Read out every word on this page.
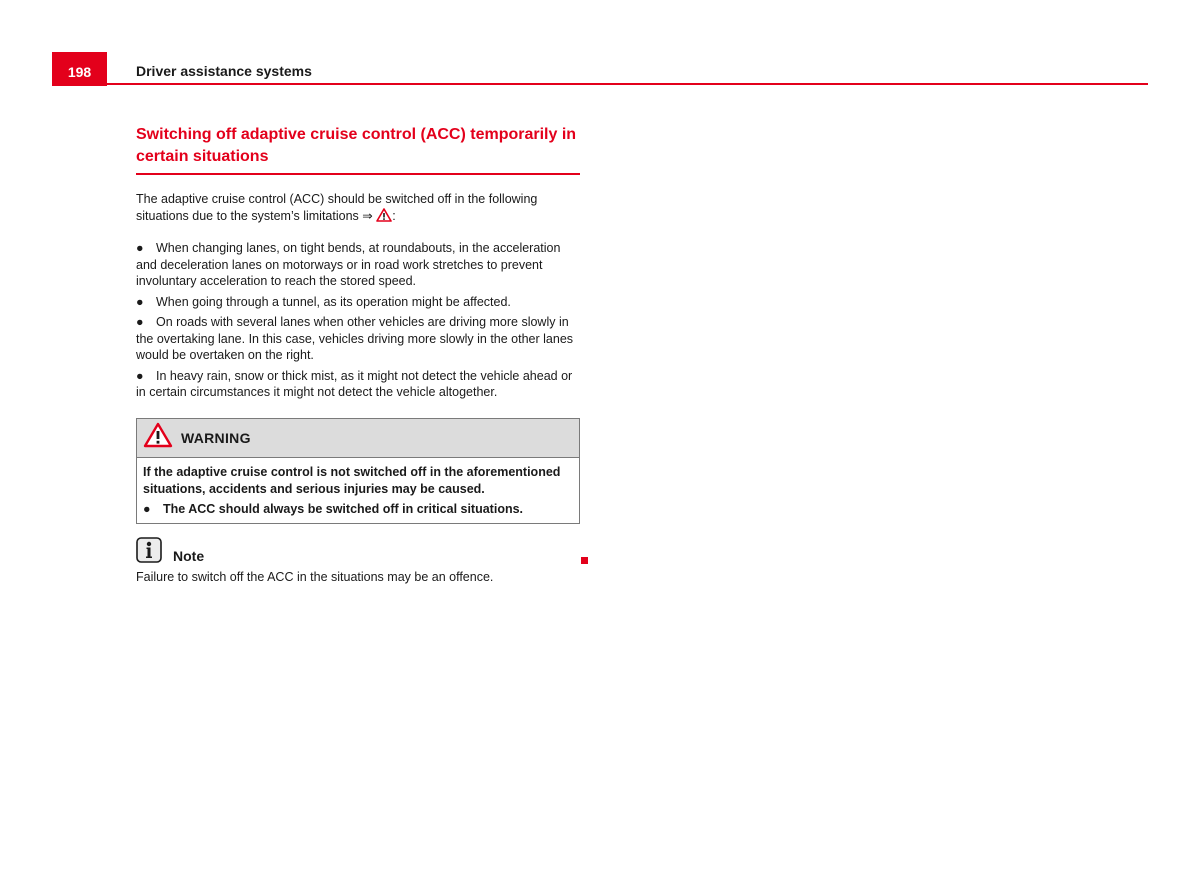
198	Driver assistance systems
Switching off adaptive cruise control (ACC) temporarily in certain situations
The adaptive cruise control (ACC) should be switched off in the following situations due to the system’s limitations ⇒ :
● When changing lanes, on tight bends, at roundabouts, in the acceleration and deceleration lanes on motorways or in road work stretches to prevent involuntary acceleration to reach the stored speed.
● When going through a tunnel, as its operation might be affected.
● On roads with several lanes when other vehicles are driving more slowly in the overtaking lane. In this case, vehicles driving more slowly in the other lanes would be overtaken on the right.
● In heavy rain, snow or thick mist, as it might not detect the vehicle ahead or in certain circumstances it might not detect the vehicle altogether.
WARNING
If the adaptive cruise control is not switched off in the aforementioned situations, accidents and serious injuries may be caused.
● The ACC should always be switched off in critical situations.
Note
Failure to switch off the ACC in the situations may be an offence.
